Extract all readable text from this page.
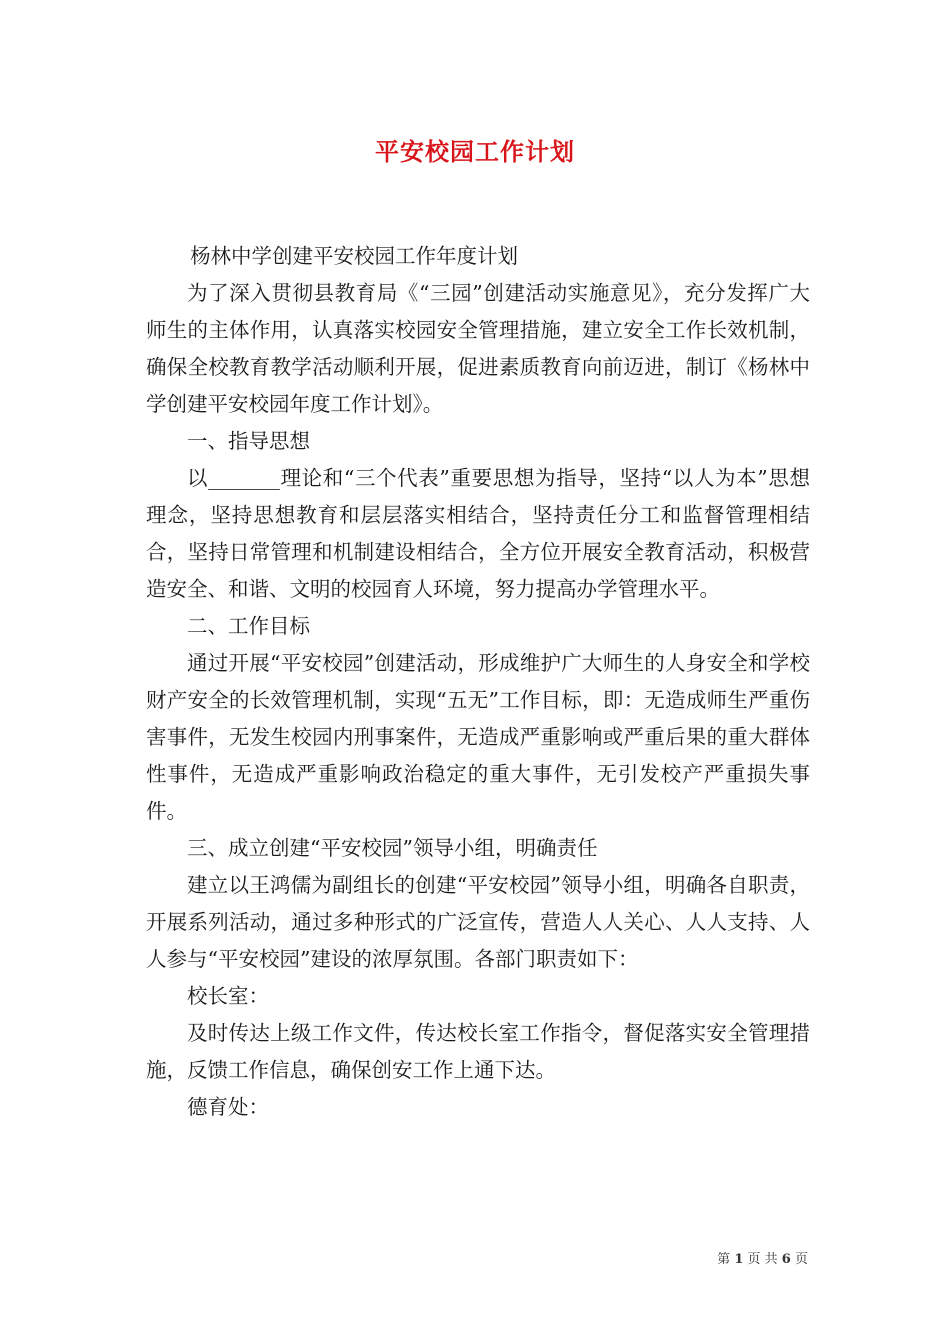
平安校园工作计划

杨林中学创建平安校园工作年度计划

为了深入贯彻县教育局《“三园”创建活动实施意见》，充分发挥广大师生的主体作用，认真落实校园安全管理措施，建立安全工作长效机制，确保全校教育教学活动顺利开展，促进素质教育向前迈进，制订《杨林中学创建平安校园年度工作计划》。

一、指导思想

以_______理论和“三个代表”重要思想为指导，坚持“以人为本”思想理念，坚持思想教育和层层落实相结合，坚持责任分工和监督管理相结合，坚持日常管理和机制建设相结合，全方位开展安全教育活动，积极营造安全、和谐、文明的校园育人环境，努力提高办学管理水平。

二、工作目标

通过开展“平安校园”创建活动，形成维护广大师生的人身安全和学校财产安全的长效管理机制，实现“五无”工作目标，即：无造成师生严重伤害事件，无发生校园内刑事案件，无造成严重影响或严重后果的重大群体性事件，无造成严重影响政治稳定的重大事件，无引发校产严重损失事件。

三、成立创建“平安校园”领导小组，明确责任

建立以王鸿儒为副组长的创建“平安校园”领导小组，明确各自职责，开展系列活动，通过多种形式的广泛宣传，营造人人关心、人人支持、人人参与“平安校园”建设的浓厚氛围。各部门职责如下：

校长室：

及时传达上级工作文件，传达校长室工作指令，督促落实安全管理措施，反馈工作信息，确保创安工作上通下达。

德育处：

第 1 页 共 6 页
